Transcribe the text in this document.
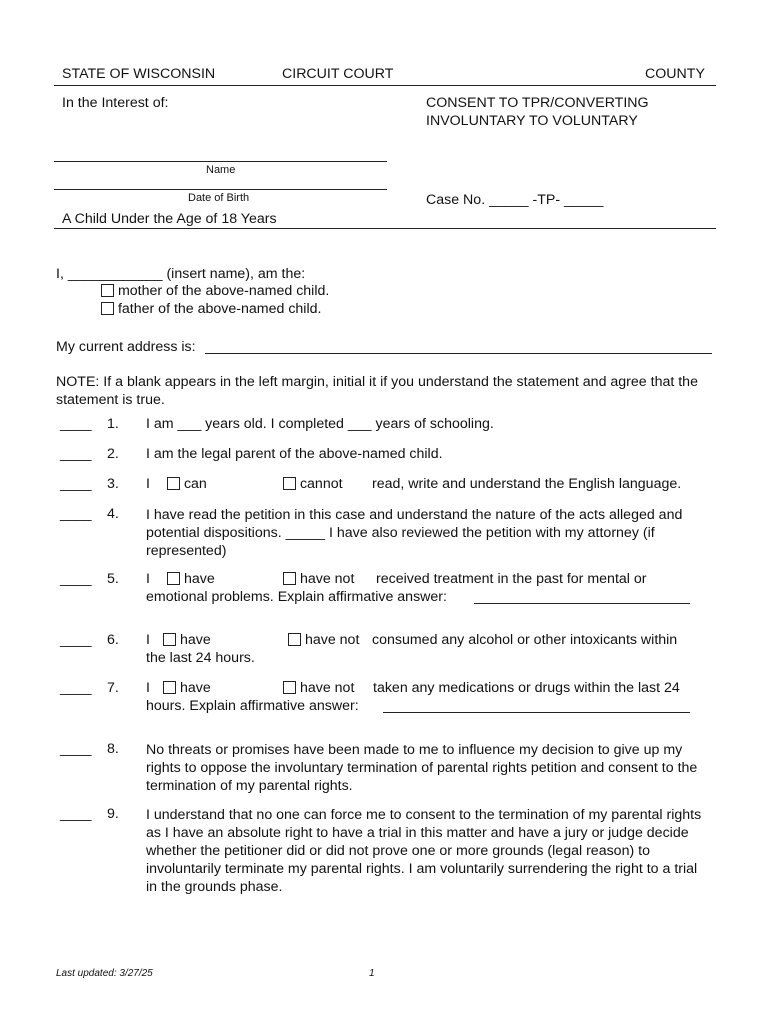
STATE OF WISCONSIN	CIRCUIT COURT	COUNTY
In the Interest of:	CONSENT TO TPR/CONVERTING
INVOLUNTARY TO VOLUNTARY
Name
Date of Birth	Case No. _____ -TP- _____
A Child Under the Age of 18 Years
I, ____________ (insert name), am the:
mother of the above-named child.
father of the above-named child.
My current address is:
NOTE: If a blank appears in the left margin, initial it if you understand the statement and agree that the statement is true.
____ 1. I am ___ years old. I completed ___ years of schooling.
____ 2. I am the legal parent of the above-named child.
____ 3. I	can	cannot read, write and understand the English language.
____ 4. I have read the petition in this case and understand the nature of the acts alleged and potential dispositions. _____ I have also reviewed the petition with my attorney (if represented)
____ 5. I	have	have not received treatment in the past for mental or
emotional problems. Explain affirmative answer:
____ 6. I	have	have not consumed any alcohol or other intoxicants within
the last 24 hours.
____ 7. I	have	have not taken any medications or drugs within the last 24
hours. Explain affirmative answer:
____ 8. No threats or promises have been made to me to influence my decision to give up my rights to oppose the involuntary termination of parental rights petition and consent to the termination of my parental rights.
____ 9. I understand that no one can force me to consent to the termination of my parental rights as I have an absolute right to have a trial in this matter and have a jury or judge decide whether the petitioner did or did not prove one or more grounds (legal reason) to involuntarily terminate my parental rights. I am voluntarily surrendering the right to a trial in the grounds phase.
Last updated: 3/27/25	1
